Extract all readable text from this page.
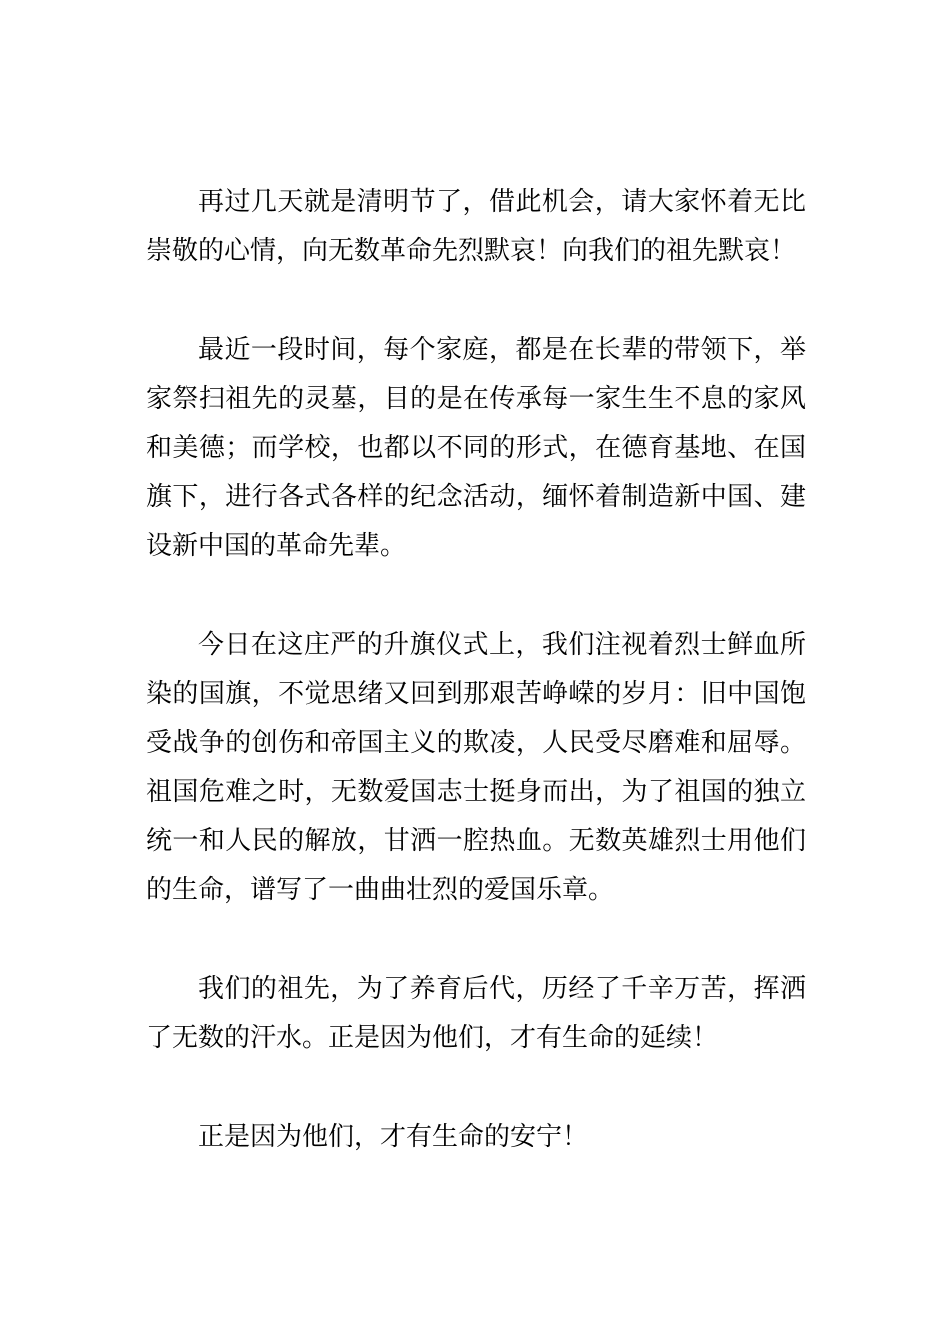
再过几天就是清明节了，借此机会，请大家怀着无比崇敬的心情，向无数革命先烈默哀！向我们的祖先默哀！

最近一段时间，每个家庭，都是在长辈的带领下，举家祭扫祖先的灵墓，目的是在传承每一家生生不息的家风和美德；而学校，也都以不同的形式，在德育基地、在国旗下，进行各式各样的纪念活动，缅怀着制造新中国、建设新中国的革命先辈。

今日在这庄严的升旗仪式上，我们注视着烈士鲜血所染的国旗，不觉思绪又回到那艰苦峥嵘的岁月：旧中国饱受战争的创伤和帝国主义的欺凌，人民受尽磨难和屈辱。祖国危难之时，无数爱国志士挺身而出，为了祖国的独立统一和人民的解放，甘洒一腔热血。无数英雄烈士用他们的生命，谱写了一曲曲壮烈的爱国乐章。

我们的祖先，为了养育后代，历经了千辛万苦，挥洒了无数的汗水。正是因为他们，才有生命的延续！

正是因为他们，才有生命的安宁！
